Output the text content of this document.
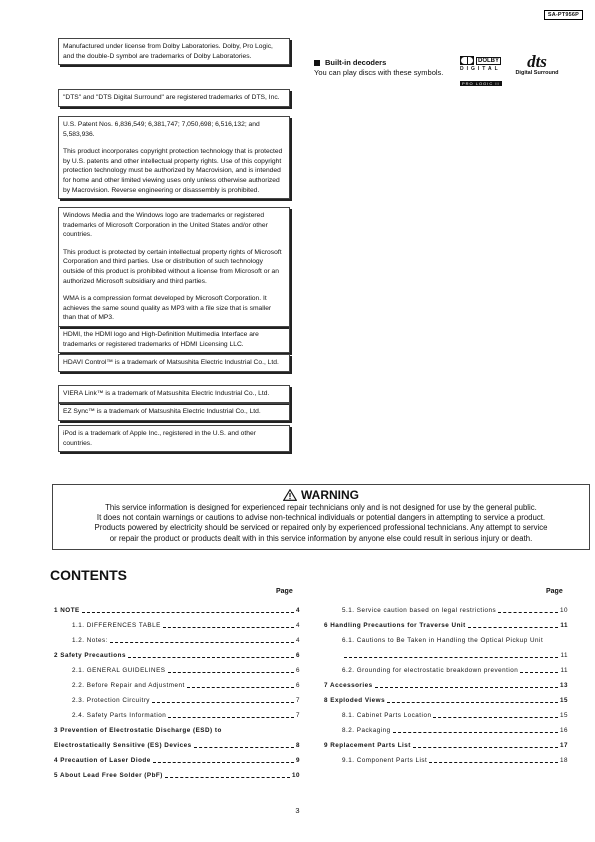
SA-PT956P

Manufactured under license from Dolby Laboratories. Dolby, Pro Logic, and the double-D symbol are trademarks of Dolby Laboratories.

"DTS" and "DTS Digital Surround" are registered trademarks of DTS, Inc.

U.S. Patent Nos. 6,836,549; 6,381,747; 7,050,698; 6,516,132; and 5,583,936.

This product incorporates copyright protection technology that is protected by U.S. patents and other intellectual property rights. Use of this copyright protection technology must be authorized by Macrovision, and is intended for home and other limited viewing uses only unless otherwise authorized by Macrovision. Reverse engineering or disassembly is prohibited.

Windows Media and the Windows logo are trademarks or registered trademarks of Microsoft Corporation in the United States and/or other countries.

This product is protected by certain intellectual property rights of Microsoft Corporation and third parties. Use or distribution of such technology outside of this product is prohibited without a license from Microsoft or an authorized Microsoft subsidiary and third parties.

WMA is a compression format developed by Microsoft Corporation. It achieves the same sound quality as MP3 with a file size that is smaller than that of MP3.

HDMI, the HDMI logo and High-Definition Multimedia Interface are trademarks or registered trademarks of HDMI Licensing LLC.

HDAVI Control™ is a trademark of Matsushita Electric Industrial Co., Ltd.

VIERA Link™ is a trademark of Matsushita Electric Industrial Co., Ltd.

EZ Sync™ is a trademark of Matsushita Electric Industrial Co., Ltd.

iPod is a trademark of Apple Inc., registered in the U.S. and other countries.

Built-in decoders
You can play discs with these symbols.
DOLBY
DIGITAL
PRO LOGIC II
dts
Digital Surround
WARNING
This service information is designed for experienced repair technicians only and is not designed for use by the general public.
It does not contain warnings or cautions to advise non-technical individuals or potential dangers in attempting to service a product.
Products powered by electricity should be serviced or repaired only by experienced professional technicians. Any attempt to service
or repair the product or products dealt with in this service information by anyone else could result in serious injury or death.
CONTENTS
Page	Page
1 NOTE	4
1.1. DIFFERENCES TABLE	4
1.2. Notes:	4
2 Safety Precautions	6
2.1. GENERAL GUIDELINES	6
2.2. Before Repair and Adjustment	6
2.3. Protection Circuitry	7
2.4. Safety Parts Information	7
3 Prevention of Electrostatic Discharge (ESD) to
Electrostatically Sensitive (ES) Devices	8
4 Precaution of Laser Diode	9
5 About Lead Free Solder (PbF)	10
5.1. Service caution based on legal restrictions	10
6 Handling Precautions for Traverse Unit	11
6.1. Cautions to Be Taken in Handling the Optical Pickup Unit
11
6.2. Grounding for electrostatic breakdown prevention	11
7 Accessories	13
8 Exploded Views	15
8.1. Cabinet Parts Location	15
8.2. Packaging	16
9 Replacement Parts List	17
9.1. Component Parts List	18
3
